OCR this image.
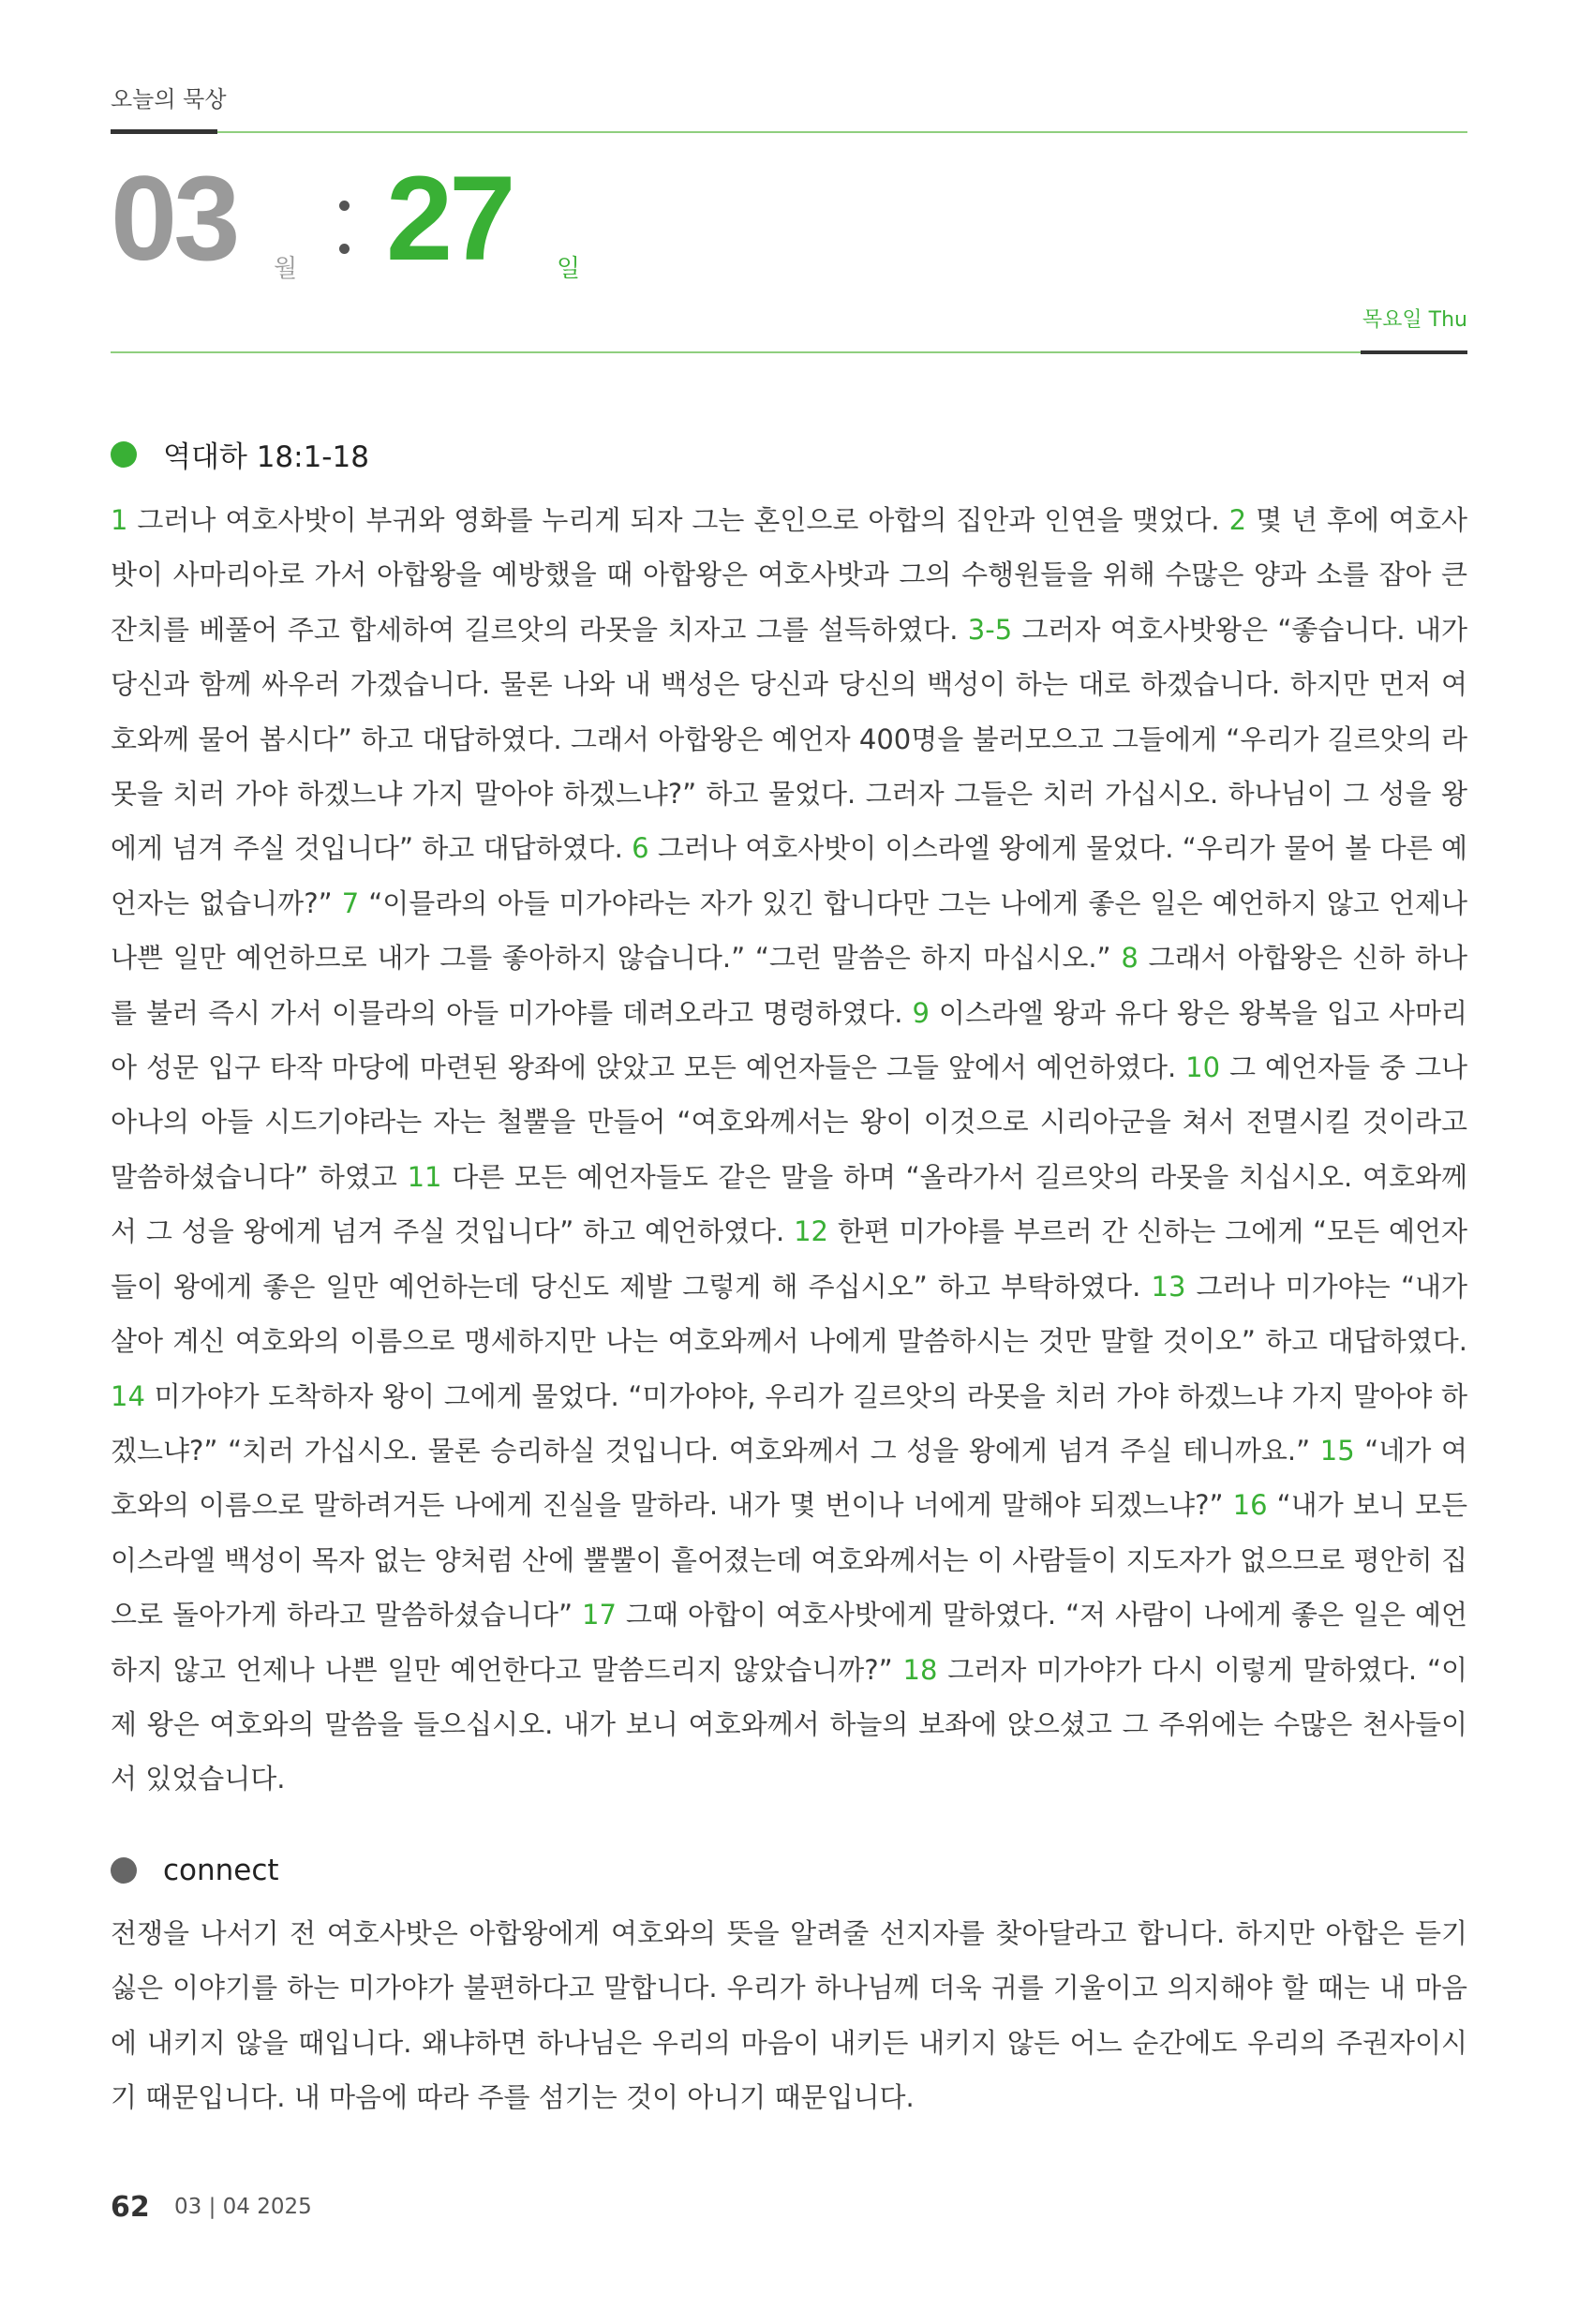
오늘의 묵상
03 월 27 일
목요일 Thu
역대하 18:1-18
1 그러나 여호사밧이 부귀와 영화를 누리게 되자 그는 혼인으로 아합의 집안과 인연을 맺었다. 2 몇 년 후에 여호사밧이 사마리아로 가서 아합왕을 예방했을 때 아합왕은 여호사밧과 그의 수행원들을 위해 수많은 양과 소를 잡아 큰 잔치를 베풀어 주고 합세하여 길르앗의 라못을 치자고 그를 설득하였다. 3-5 그러자 여호사밧왕은 “좋습니다. 내가 당신과 함께 싸우러 가겠습니다. 물론 나와 내 백성은 당신과 당신의 백성이 하는 대로 하겠습니다. 하지만 먼저 여호와께 물어 봅시다” 하고 대답하였다. 그래서 아합왕은 예언자 400명을 불러모으고 그들에게 “우리가 길르앗의 라못을 치러 가야 하겠느냐 가지 말아야 하겠느냐?” 하고 물었다. 그러자 그들은 치러 가십시오. 하나님이 그 성을 왕에게 넘겨 주실 것입니다” 하고 대답하였다. 6 그러나 여호사밧이 이스라엘 왕에게 물었다. “우리가 물어 볼 다른 예언자는 없습니까?” 7 “이믈라의 아들 미가야라는 자가 있긴 합니다만 그는 나에게 좋은 일은 예언하지 않고 언제나 나쁜 일만 예언하므로 내가 그를 좋아하지 않습니다.” “그런 말씀은 하지 마십시오.” 8 그래서 아합왕은 신하 하나를 불러 즉시 가서 이믈라의 아들 미가야를 데려오라고 명령하였다. 9 이스라엘 왕과 유다 왕은 왕복을 입고 사마리아 성문 입구 타작 마당에 마련된 왕좌에 앉았고 모든 예언자들은 그들 앞에서 예언하였다. 10 그 예언자들 중 그나아나의 아들 시드기야라는 자는 철뿔을 만들어 “여호와께서는 왕이 이것으로 시리아군을 쳐서 전멸시킬 것이라고 말씀하셨습니다” 하였고 11 다른 모든 예언자들도 같은 말을 하며 “올라가서 길르앗의 라못을 치십시오. 여호와께서 그 성을 왕에게 넘겨 주실 것입니다” 하고 예언하였다. 12 한편 미가야를 부르러 간 신하는 그에게 “모든 예언자들이 왕에게 좋은 일만 예언하는데 당신도 제발 그렇게 해 주십시오” 하고 부탁하였다. 13 그러나 미가야는 “내가 살아 계신 여호와의 이름으로 맹세하지만 나는 여호와께서 나에게 말씀하시는 것만 말할 것이오” 하고 대답하였다. 14 미가야가 도착하자 왕이 그에게 물었다. “미가야야, 우리가 길르앗의 라못을 치러 가야 하겠느냐 가지 말아야 하겠느냐?” “치러 가십시오. 물론 승리하실 것입니다. 여호와께서 그 성을 왕에게 넘겨 주실 테니까요.” 15 “네가 여호와의 이름으로 말하려거든 나에게 진실을 말하라. 내가 몇 번이나 너에게 말해야 되겠느냐?” 16 “내가 보니 모든 이스라엘 백성이 목자 없는 양처럼 산에 뿔뿔이 흩어졌는데 여호와께서는 이 사람들이 지도자가 없으므로 평안히 집으로 돌아가게 하라고 말씀하셨습니다” 17 그때 아합이 여호사밧에게 말하였다. “저 사람이 나에게 좋은 일은 예언하지 않고 언제나 나쁜 일만 예언한다고 말씀드리지 않았습니까?” 18 그러자 미가야가 다시 이렇게 말하였다. “이제 왕은 여호와의 말씀을 들으십시오. 내가 보니 여호와께서 하늘의 보좌에 앉으셨고 그 주위에는 수많은 천사들이 서 있었습니다.
connect
전쟁을 나서기 전 여호사밧은 아합왕에게 여호와의 뜻을 알려줄 선지자를 찾아달라고 합니다. 하지만 아합은 듣기 싫은 이야기를 하는 미가야가 불편하다고 말합니다. 우리가 하나님께 더욱 귀를 기울이고 의지해야 할 때는 내 마음에 내키지 않을 때입니다. 왜냐하면 하나님은 우리의 마음이 내키든 내키지 않든 어느 순간에도 우리의 주권자이시기 때문입니다. 내 마음에 따라 주를 섬기는 것이 아니기 때문입니다.
62 03 | 04 2025
